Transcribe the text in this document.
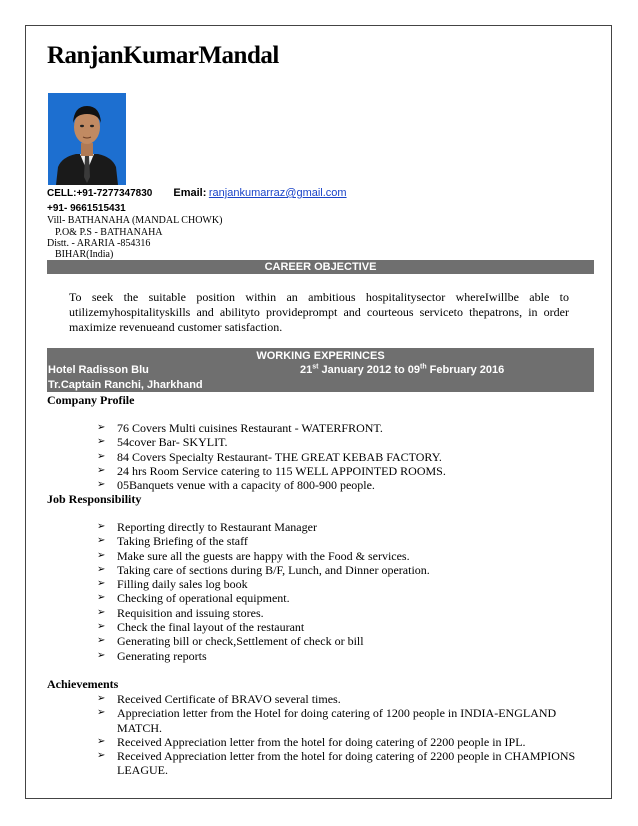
RanjanKumarMandal
CELL:+91-7277347830 Email: ranjankumarraz@gmail.com
+91- 9661515431
Vill- BATHANAHA (MANDAL CHOWK)
P.O& P.S - BATHANAHA
Distt. - ARARIA -854316
BIHAR(India)
CAREER OBJECTIVE
To seek the suitable position within an ambitious hospitalitysector whereIwillbe able to utilizemyhospitalityskills and abilityto provideprompt and courteous serviceto thepatrons, in order maximize revenueand customer satisfaction.
WORKING EXPERINCES
Hotel Radisson Blu	21st January 2012 to 09th February 2016
Tr.Captain Ranchi, Jharkhand
Company Profile
➢ 76 Covers Multi cuisines Restaurant - WATERFRONT.
➢ 54cover Bar- SKYLIT.
➢ 84 Covers Specialty Restaurant- THE GREAT KEBAB FACTORY.
➢ 24 hrs Room Service catering to 115 WELL APPOINTED ROOMS.
➢ 05Banquets venue with a capacity of 800-900 people.
Job Responsibility
➢ Reporting directly to Restaurant Manager
➢ Taking Briefing of the staff
➢ Make sure all the guests are happy with the Food & services.
➢ Taking care of sections during B/F, Lunch, and Dinner operation.
➢ Filling daily sales log book
➢ Checking of operational equipment.
➢ Requisition and issuing stores.
➢ Check the final layout of the restaurant
➢ Generating bill or check,Settlement of check or bill
➢ Generating reports
Achievements
➢ Received Certificate of BRAVO several times.
➢ Appreciation letter from the Hotel for doing catering of 1200 people in INDIA-ENGLAND MATCH.
➢ Received Appreciation letter from the hotel for doing catering of 2200 people in IPL.
➢ Received Appreciation letter from the hotel for doing catering of 2200 people in CHAMPIONS LEAGUE.
